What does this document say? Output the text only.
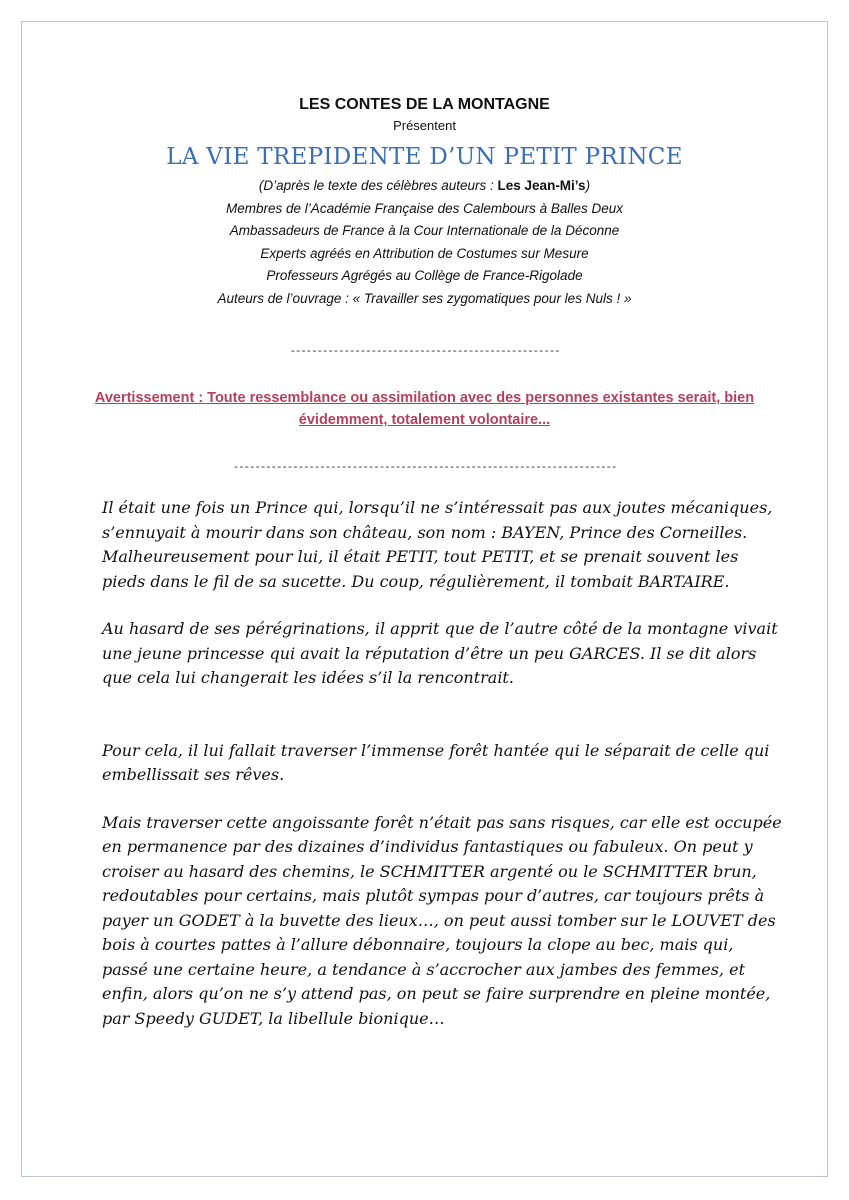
LES CONTES DE LA MONTAGNE
Présentent
LA VIE TREPIDENTE D’UN PETIT PRINCE
(D’après le texte des célèbres auteurs : Les Jean-Mi’s)
Membres de l’Académie Française des Calembours à Balles Deux
Ambassadeurs de France à la Cour Internationale de la Déconne
Experts agréés en Attribution de Costumes sur Mesure
Professeurs Agrégés au Collège de France-Rigolade
Auteurs de l’ouvrage : « Travailler ses zygomatiques pour les Nuls ! »
--------------------------------------------------
Avertissement : Toute ressemblance ou assimilation avec des personnes existantes serait, bien évidemment, totalement volontaire...
-----------------------------------------------------------------------

Il était une fois un Prince qui, lorsqu’il ne s’intéressait pas aux joutes mécaniques, s’ennuyait à mourir dans son château, son nom : BAYEN, Prince des Corneilles. Malheureusement pour lui, il était PETIT, tout PETIT, et se prenait souvent les pieds dans le fil de sa sucette. Du coup, régulièrement, il tombait BARTAIRE.

Au hasard de ses pérégrinations, il apprit que de l’autre côté de la montagne vivait une jeune princesse qui avait la réputation d’être un peu GARCES. Il se dit alors que cela lui changerait les idées s’il la rencontrait.

Pour cela, il lui fallait traverser l’immense forêt hantée qui le séparait de celle qui embellissait ses rêves.

Mais traverser cette angoissante forêt n’était pas sans risques, car elle est occupée en permanence par des dizaines d’individus fantastiques ou fabuleux. On peut y croiser au hasard des chemins, le SCHMITTER argenté ou le SCHMITTER brun, redoutables pour certains, mais plutôt sympas pour d’autres, car toujours prêts à payer un GODET à la buvette des lieux…, on peut aussi tomber sur le LOUVET des bois à courtes pattes à l’allure débonnaire, toujours la clope au bec, mais qui, passé une certaine heure, a tendance à s’accrocher aux jambes des femmes, et enfin, alors qu’on ne s’y attend pas, on peut se faire surprendre en pleine montée, par Speedy GUDET, la libellule bionique…
